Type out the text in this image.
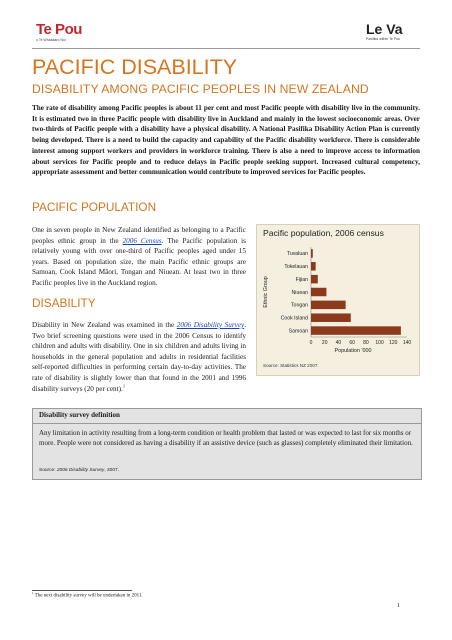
Te Pou
o Te Whakaaro Nui
Le Va
Pasifika within Te Pou
PACIFIC DISABILITY
DISABILITY AMONG PACIFIC PEOPLES IN NEW ZEALAND

The rate of disability among Pacific peoples is about 11 per cent and most Pacific people with disability live in the community. It is estimated two in three Pacific people with disability live in Auckland and mainly in the lowest socioeconomic areas. Over two-thirds of Pacific people with a disability have a physical disability. A National Pasifika Disability Action Plan is currently being developed. There is a need to build the capacity and capability of the Pacific disability workforce. There is considerable interest among support workers and providers in workforce training. There is also a need to improve access to information about services for Pacific people and to reduce delays in Pacific people seeking support. Increased cultural competency, appropriate assessment and better communication would contribute to improved services for Pacific peoples.

PACIFIC POPULATION

One in seven people in New Zealand identified as belonging to a Pacific peoples ethnic group in the 2006 Census. The Pacific population is relatively young with over one-third of Pacific peoples aged under 15 years. Based on population size, the main Pacific ethnic groups are Samoan, Cook Island Māori, Tongan and Niuean. At least two in three Pacific peoples live in the Auckland region.

DISABILITY

Disability in New Zealand was examined in the 2006 Disability Survey. Two brief screening questions were used in the 2006 Census to identify children and adults with disability. One in six children and adults living in households in the general population and adults in residential facilities self-reported difficulties in performing certain day-to-day activities. The rate of disability is slightly lower than that found in the 2001 and 1996 disability surveys (20 per cent).$^1$

Pacific population, 2006 census
Tuvaluan
Tokelauan
Fijian
Niuean
Tongan
Cook Island
Samoan
0 20 40 60 80 100 120 140
Population '000
Ethnic Group
Source: Statistics NZ 2007.

Disability survey definition

Any limitation in activity resulting from a long-term condition or health problem that lasted or was expected to last for six months or more. People were not considered as having a disability if an assistive device (such as glasses) completely eliminated their limitation.

Source: 2006 Disability Survey, 2007.

$^1$ The next disability survey will be undertaken in 2011.

1
